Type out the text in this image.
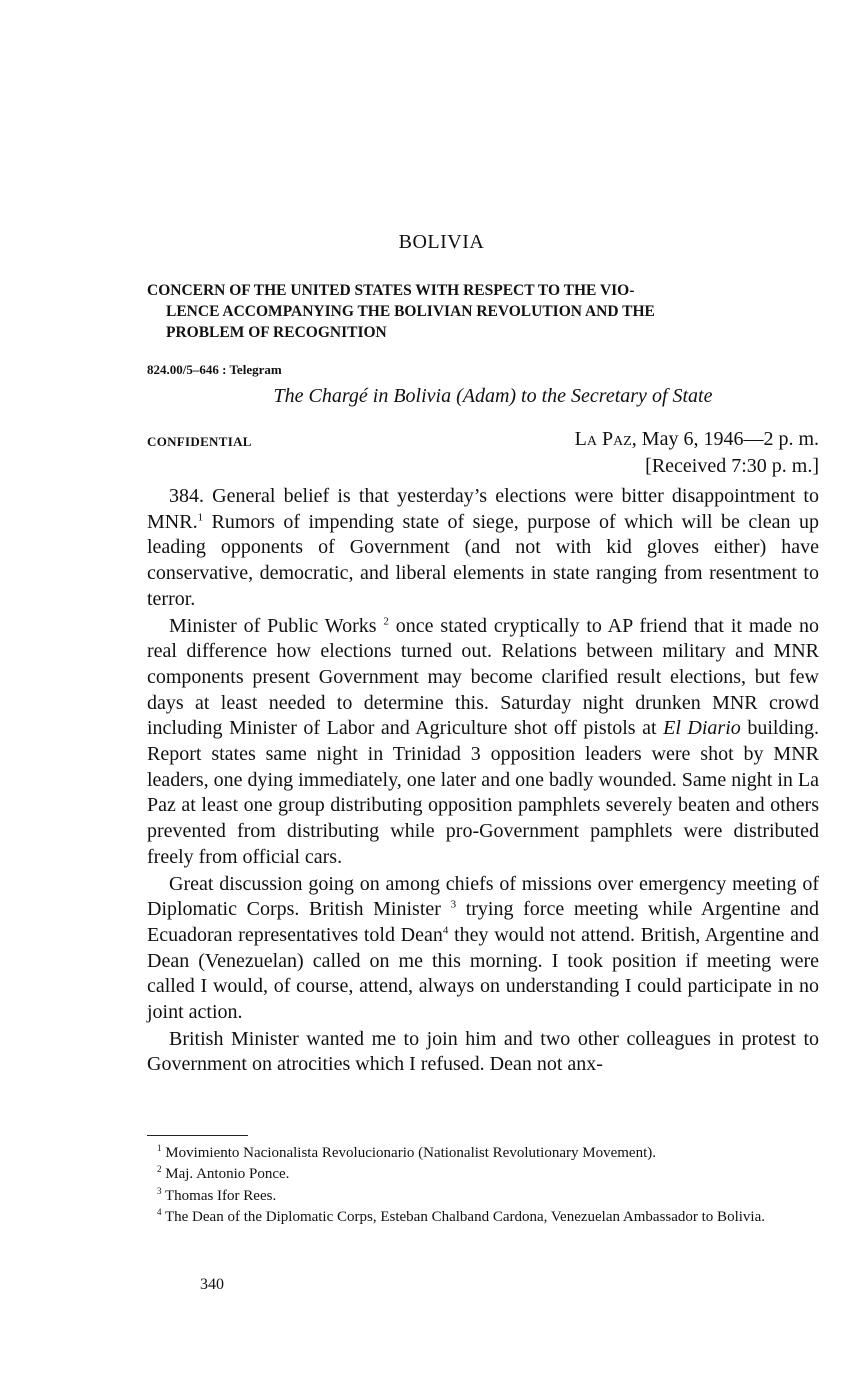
BOLIVIA
CONCERN OF THE UNITED STATES WITH RESPECT TO THE VIO-
LENCE ACCOMPANYING THE BOLIVIAN REVOLUTION AND THE
PROBLEM OF RECOGNITION
824.00/5–646 : Telegram
The Chargé in Bolivia (Adam) to the Secretary of State
CONFIDENTIAL	La Paz, May 6, 1946—2 p. m.
[Received 7:30 p. m.]

384. General belief is that yesterday’s elections were bitter disappointment to MNR.$^1$ Rumors of impending state of siege, purpose of which will be clean up leading opponents of Government (and not with kid gloves either) have conservative, democratic, and liberal elements in state ranging from resentment to terror.

Minister of Public Works $^2$ once stated cryptically to AP friend that it made no real difference how elections turned out. Relations between military and MNR components present Government may become clarified result elections, but few days at least needed to determine this. Saturday night drunken MNR crowd including Minister of Labor and Agriculture shot off pistols at El Diario building. Report states same night in Trinidad 3 opposition leaders were shot by MNR leaders, one dying immediately, one later and one badly wounded. Same night in La Paz at least one group distributing opposition pamphlets severely beaten and others prevented from distributing while pro-Government pamphlets were distributed freely from official cars.

Great discussion going on among chiefs of missions over emergency meeting of Diplomatic Corps. British Minister $^3$ trying force meeting while Argentine and Ecuadoran representatives told Dean$^4$ they would not attend. British, Argentine and Dean (Venezuelan) called on me this morning. I took position if meeting were called I would, of course, attend, always on understanding I could participate in no joint action.

British Minister wanted me to join him and two other colleagues in protest to Government on atrocities which I refused. Dean not anx-

$^1$ Movimiento Nacionalista Revolucionario (Nationalist Revolutionary Movement).

$^2$ Maj. Antonio Ponce.

$^3$ Thomas Ifor Rees.

$^4$ The Dean of the Diplomatic Corps, Esteban Chalband Cardona, Venezuelan Ambassador to Bolivia.

340
